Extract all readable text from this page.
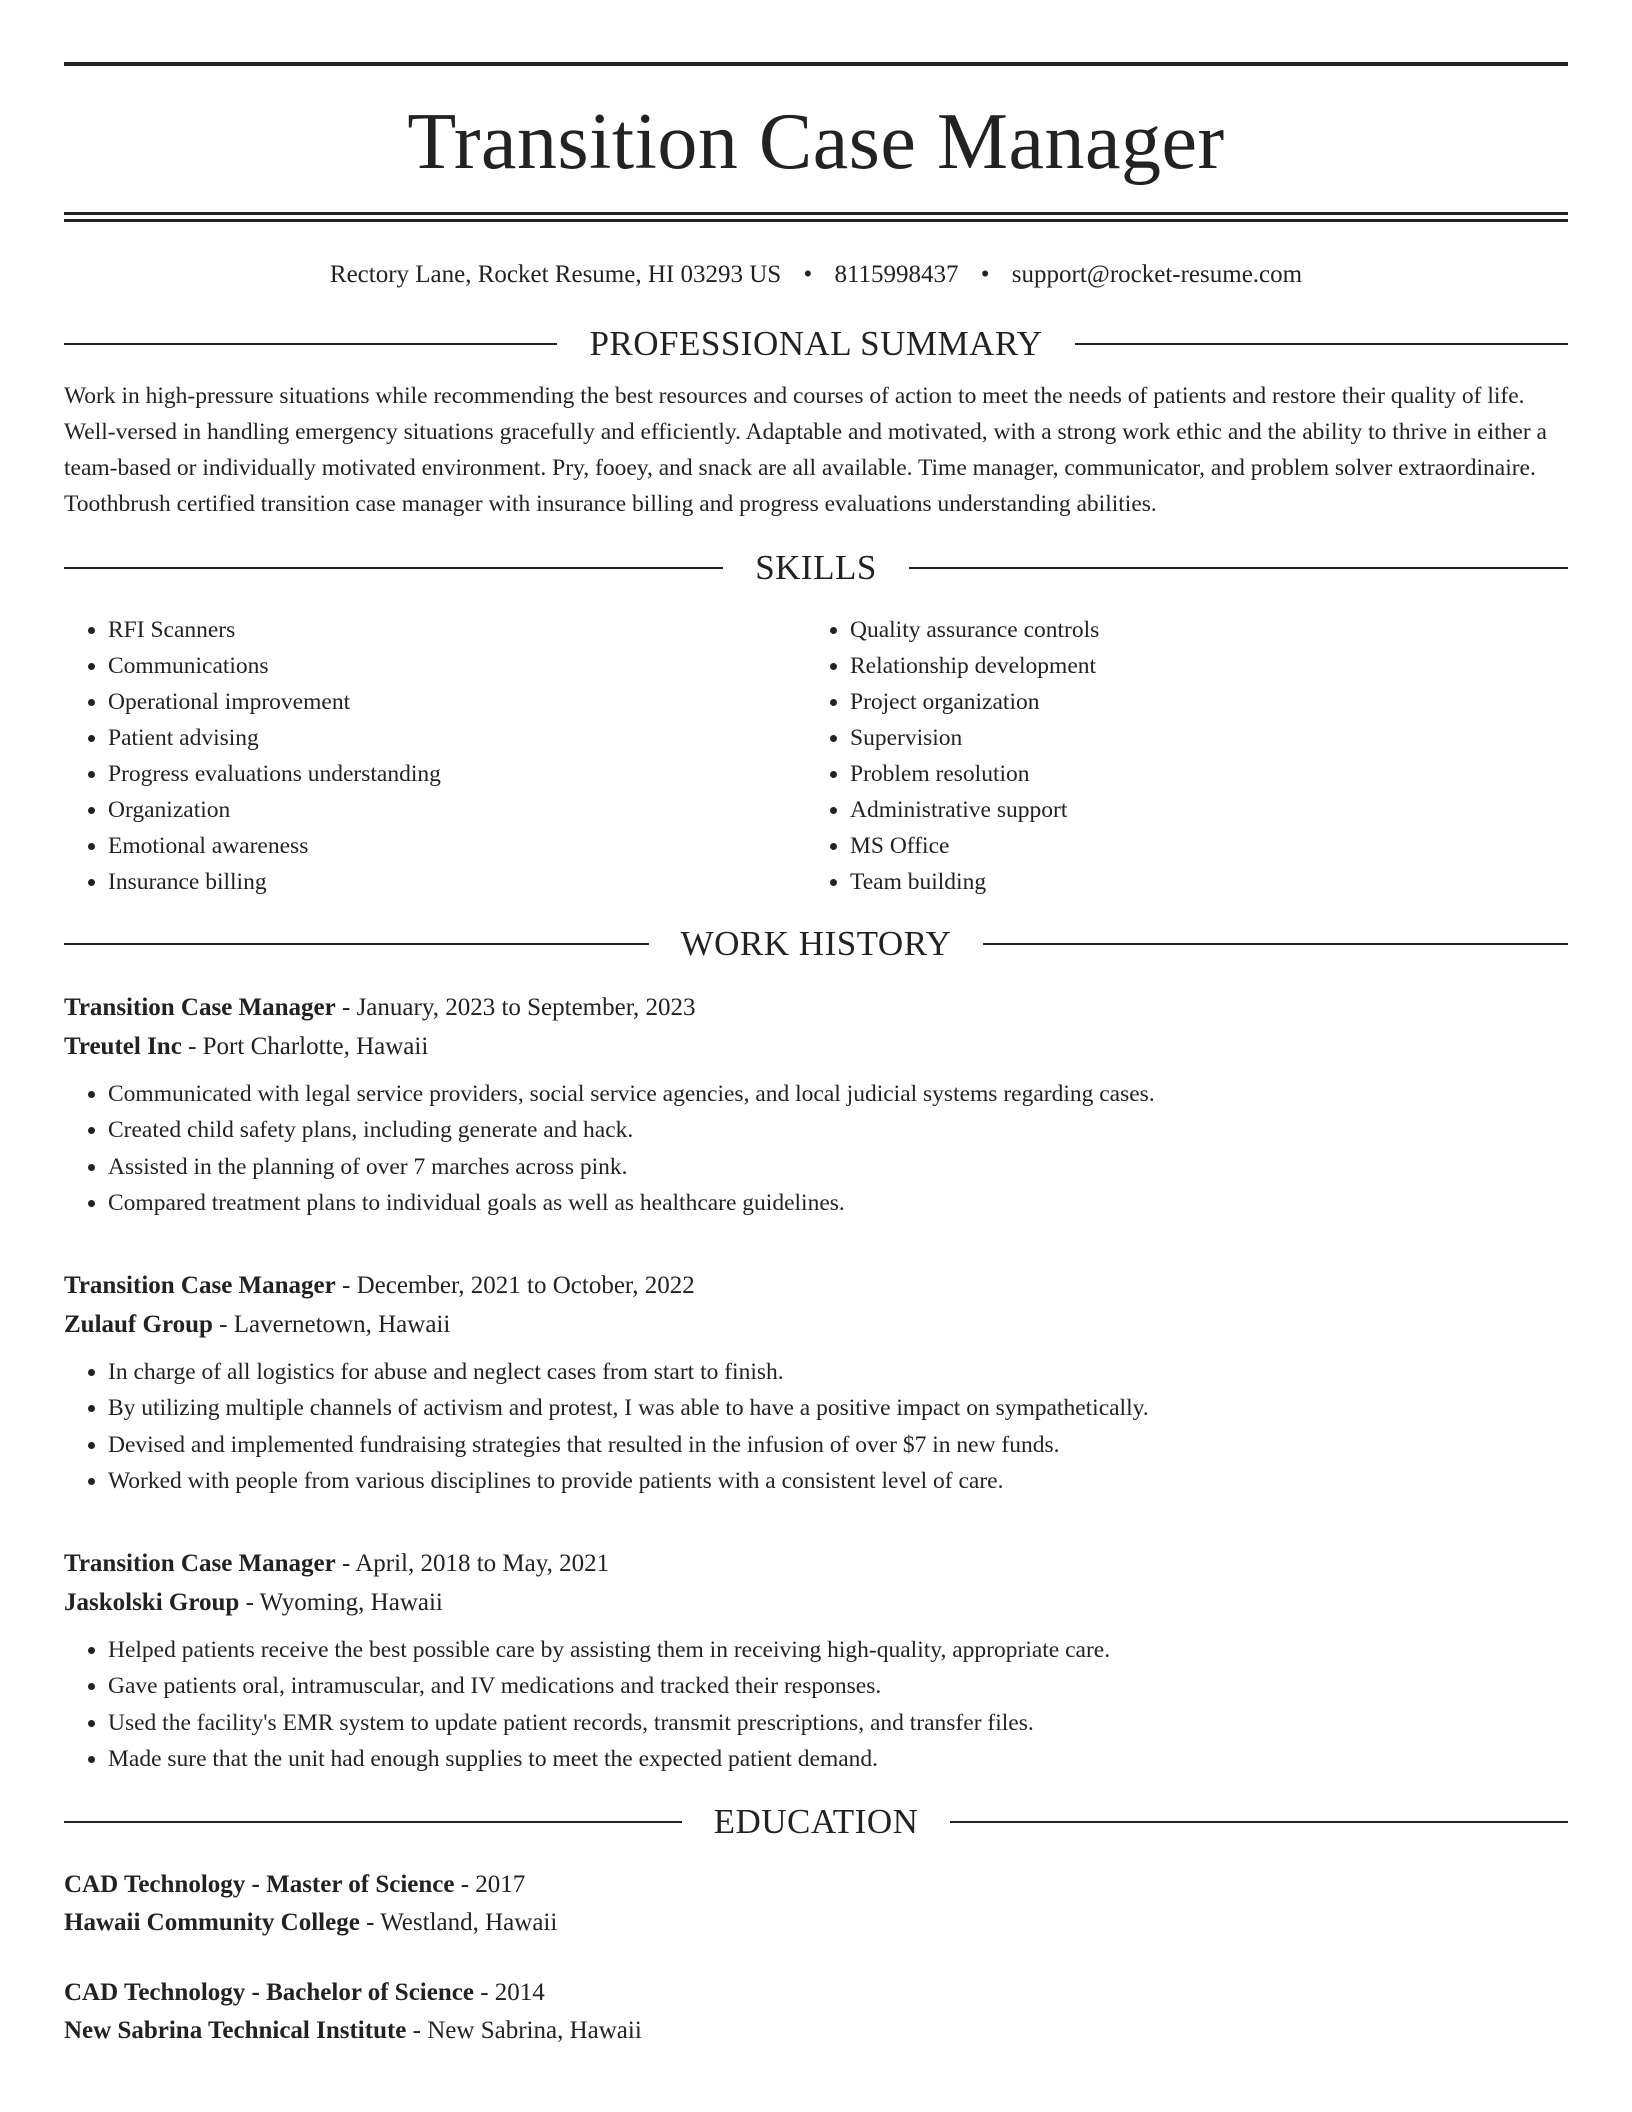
Transition Case Manager
Rectory Lane, Rocket Resume, HI 03293 US • 8115998437 • support@rocket-resume.com
PROFESSIONAL SUMMARY

Work in high-pressure situations while recommending the best resources and courses of action to meet the needs of patients and restore their quality of life. Well-versed in handling emergency situations gracefully and efficiently. Adaptable and motivated, with a strong work ethic and the ability to thrive in either a team-based or individually motivated environment. Pry, fooey, and snack are all available. Time manager, communicator, and problem solver extraordinaire. Toothbrush certified transition case manager with insurance billing and progress evaluations understanding abilities.

SKILLS
• RFI Scanners
• Communications
• Operational improvement
• Patient advising
• Progress evaluations understanding
• Organization
• Emotional awareness
• Insurance billing
• Quality assurance controls
• Relationship development
• Project organization
• Supervision
• Problem resolution
• Administrative support
• MS Office
• Team building
WORK HISTORY
Transition Case Manager - January, 2023 to September, 2023
Treutel Inc - Port Charlotte, Hawaii
• Communicated with legal service providers, social service agencies, and local judicial systems regarding cases.
• Created child safety plans, including generate and hack.
• Assisted in the planning of over 7 marches across pink.
• Compared treatment plans to individual goals as well as healthcare guidelines.
Transition Case Manager - December, 2021 to October, 2022
Zulauf Group - Lavernetown, Hawaii
• In charge of all logistics for abuse and neglect cases from start to finish.
• By utilizing multiple channels of activism and protest, I was able to have a positive impact on sympathetically.
• Devised and implemented fundraising strategies that resulted in the infusion of over $7 in new funds.
• Worked with people from various disciplines to provide patients with a consistent level of care.
Transition Case Manager - April, 2018 to May, 2021
Jaskolski Group - Wyoming, Hawaii
• Helped patients receive the best possible care by assisting them in receiving high-quality, appropriate care.
• Gave patients oral, intramuscular, and IV medications and tracked their responses.
• Used the facility's EMR system to update patient records, transmit prescriptions, and transfer files.
• Made sure that the unit had enough supplies to meet the expected patient demand.
EDUCATION
CAD Technology - Master of Science - 2017
Hawaii Community College - Westland, Hawaii
CAD Technology - Bachelor of Science - 2014
New Sabrina Technical Institute - New Sabrina, Hawaii
